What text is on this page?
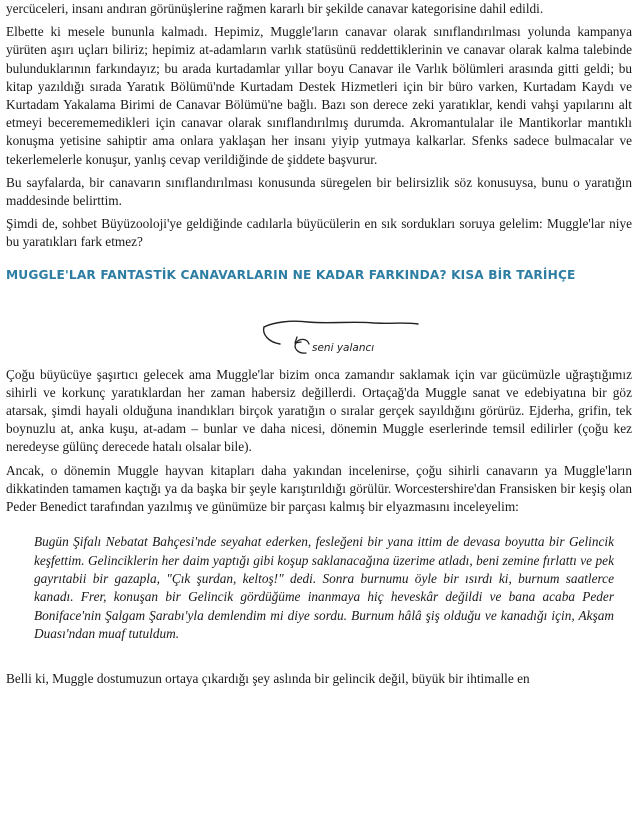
yercüceleri, insanı andıran görünüşlerine rağmen kararlı bir şekilde canavar kategorisine dahil edildi.

Elbette ki mesele bununla kalmadı. Hepimiz, Muggle'ların canavar olarak sınıflandırılması yolunda kampanya yürüten aşırı uçları biliriz; hepimiz at-adamların varlık statüsünü reddettiklerinin ve canavar olarak kalma talebinde bulunduklarının farkındayız; bu arada kurtadamlar yıllar boyu Canavar ile Varlık bölümleri arasında gitti geldi; bu kitap yazıldığı sırada Yaratık Bölümü'nde Kurtadam Destek Hizmetleri için bir büro varken, Kurtadam Kaydı ve Kurtadam Yakalama Birimi de Canavar Bölümü'ne bağlı. Bazı son derece zeki yaratıklar, kendi vahşi yapılarını alt etmeyi becerememedikleri için canavar olarak sınıflandırılmış durumda. Akromantulalar ile Mantikorlar mantıklı konuşma yetisine sahiptir ama onlara yaklaşan her insanı yiyip yutmaya kalkarlar. Sfenks sadece bulmacalar ve tekerlemelerle konuşur, yanlış cevap verildiğinde de şiddete başvurur.

Bu sayfalarda, bir canavarın sınıflandırılması konusunda süregelen bir belirsizlik söz konusuysa, bunu o yaratığın maddesinde belirttim.

Şimdi de, sohbet Büyüzooloji'ye geldiğinde cadılarla büyücülerin en sık sordukları soruya gelelim: Muggle'lar niye bu yaratıkları fark etmez?

MUGGLE'LAR FANTASTİK CANAVARLARIN NE KADAR FARKINDA? KISA BİR TARİHÇE
seni yalancı

Çoğu büyücüye şaşırtıcı gelecek ama Muggle'lar bizim onca zamandır saklamak için var gücümüzle uğraştığımız sihirli ve korkunç yaratıklardan her zaman habersiz değillerdi. Ortaçağ'da Muggle sanat ve edebiyatına bir göz atarsak, şimdi hayali olduğuna inandıkları birçok yaratığın o sıralar gerçek sayıldığını görürüz. Ejderha, grifin, tek boynuzlu at, anka kuşu, at-adam – bunlar ve daha nicesi, dönemin Muggle eserlerinde temsil edilirler (çoğu kez neredeyse gülünç derecede hatalı olsalar bile).

Ancak, o dönemin Muggle hayvan kitapları daha yakından incelenirse, çoğu sihirli canavarın ya Muggle'ların dikkatinden tamamen kaçtığı ya da başka bir şeyle karıştırıldığı görülür. Worcestershire'dan Fransisken bir keşiş olan Peder Benedict tarafından yazılmış ve günümüze bir parçası kalmış bir elyazmasını inceleyelim:

Bugün Şifalı Nebatat Bahçesi'nde seyahat ederken, fesleğeni bir yana ittim de devasa boyutta bir Gelincik keşfettim. Gelinciklerin her daim yaptığı gibi koşup saklanacağına üzerime atladı, beni zemine fırlattı ve pek gayrıtabii bir gazapla, "Çık şurdan, keltoş!" dedi. Sonra burnumu öyle bir ısırdı ki, burnum saatlerce kanadı. Frer, konuşan bir Gelincik gördüğüme inanmaya hiç heveskâr değildi ve bana acaba Peder Boniface'nin Şalgam Şarabı'yla demlendim mi diye sordu. Burnum hâlâ şiş olduğu ve kanadığı için, Akşam Duası'ndan muaf tutuldum.

Belli ki, Muggle dostumuzun ortaya çıkardığı şey aslında bir gelincik değil, büyük bir ihtimalle en
